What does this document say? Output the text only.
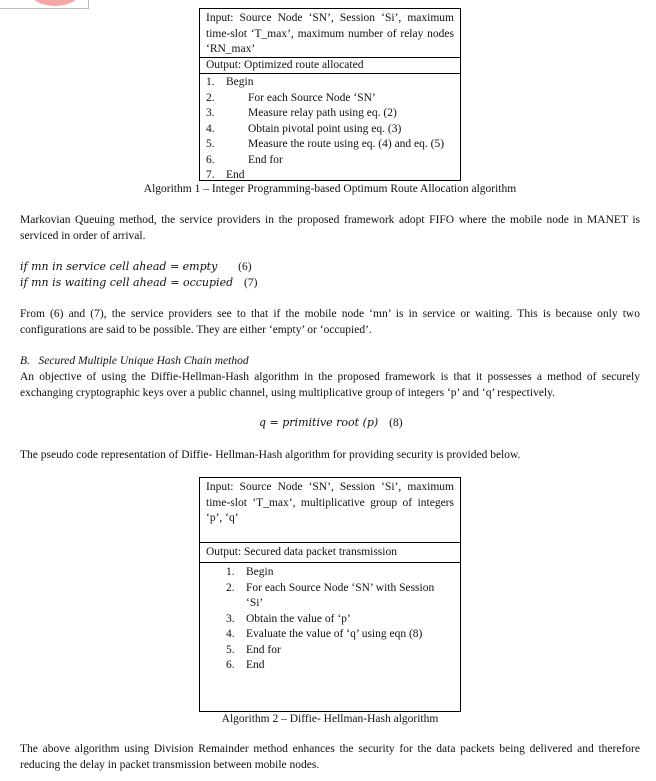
Input: Source Node ‘SN’, Session ‘Si’, maximum time-slot ‘T_max’, maximum number of relay nodes ‘RN_max’
Output: Optimized route allocated
1. Begin
2.	For each Source Node ‘SN’
3.	Measure relay path using eq. (2)
4.	Obtain pivotal point using eq. (3)
5.	Measure the route using eq. (4) and eq. (5)
6.	End for
7. End
Algorithm 1 – Integer Programming-based Optimum Route Allocation algorithm
Markovian Queuing method, the service providers in the proposed framework adopt FIFO where the mobile node in MANET is serviced in order of arrival.
if mn in service cell ahead = empty (6)
if mn is waiting cell ahead = occupied (7)
From (6) and (7), the service providers see to that if the mobile node ‘mn’ is in service or waiting. This is because only two configurations are said to be possible. They are either ‘empty’ or ‘occupied’.
B.   Secured Multiple Unique Hash Chain method
An objective of using the Diffie-Hellman-Hash algorithm in the proposed framework is that it possesses a method of securely exchanging cryptographic keys over a public channel, using multiplicative group of integers ‘p’ and ‘q’ respectively.
q = primitive root (p) (8)
The pseudo code representation of Diffie- Hellman-Hash algorithm for providing security is provided below.
Input: Source Node ‘SN’, Session ‘Si’, maximum time-slot ‘T_max’, multiplicative group of integers ‘p’, ‘q’
Output: Secured data packet transmission
1. Begin
2. For each Source Node ‘SN’ with Session ‘Si’
3. Obtain the value of ‘p’
4. Evaluate the value of ‘q’ using eqn (8)
5. End for
6. End
Algorithm 2 – Diffie- Hellman-Hash algorithm
The above algorithm using Division Remainder method enhances the security for the data packets being delivered and therefore reducing the delay in packet transmission between mobile nodes.
